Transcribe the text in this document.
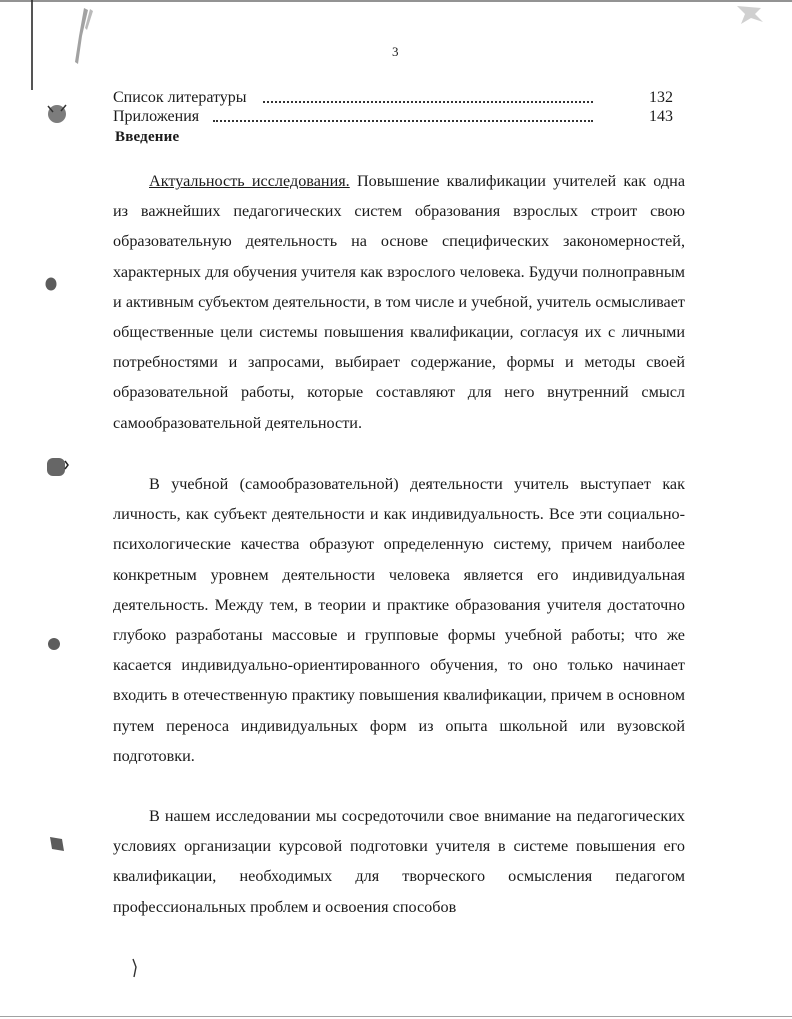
3
Список литературы	132
Приложения	143
Введение

Актуальность исследования. Повышение квалификации учителей как одна из важнейших педагогических систем образования взрослых строит свою образовательную деятельность на основе специфических закономерностей, характерных для обучения учителя как взрослого человека. Будучи полноправным и активным субъектом деятельности, в том числе и учебной, учитель осмысливает общественные цели системы повышения квалификации, согласуя их с личными потребностями и запросами, выбирает содержание, формы и методы своей образовательной работы, которые составляют для него внутренний смысл самообразовательной деятельности.

В учебной (самообразовательной) деятельности учитель выступает как личность, как субъект деятельности и как индивидуальность. Все эти социально-психологические качества образуют определенную систему, причем наиболее конкретным уровнем деятельности человека является его индивидуальная деятельность. Между тем, в теории и практике образования учителя достаточно глубоко разработаны массовые и групповые формы учебной работы; что же касается индивидуально-ориентированного обучения, то оно только начинает входить в отечественную практику повышения квалификации, причем в основном путем переноса индивидуальных форм из опыта школьной или вузовской подготовки.

В нашем исследовании мы сосредоточили свое внимание на педагогических условиях организации курсовой подготовки учителя в системе повышения его квалификации, необходимых для творческого осмысления педагогом профессиональных проблем и освоения способов
